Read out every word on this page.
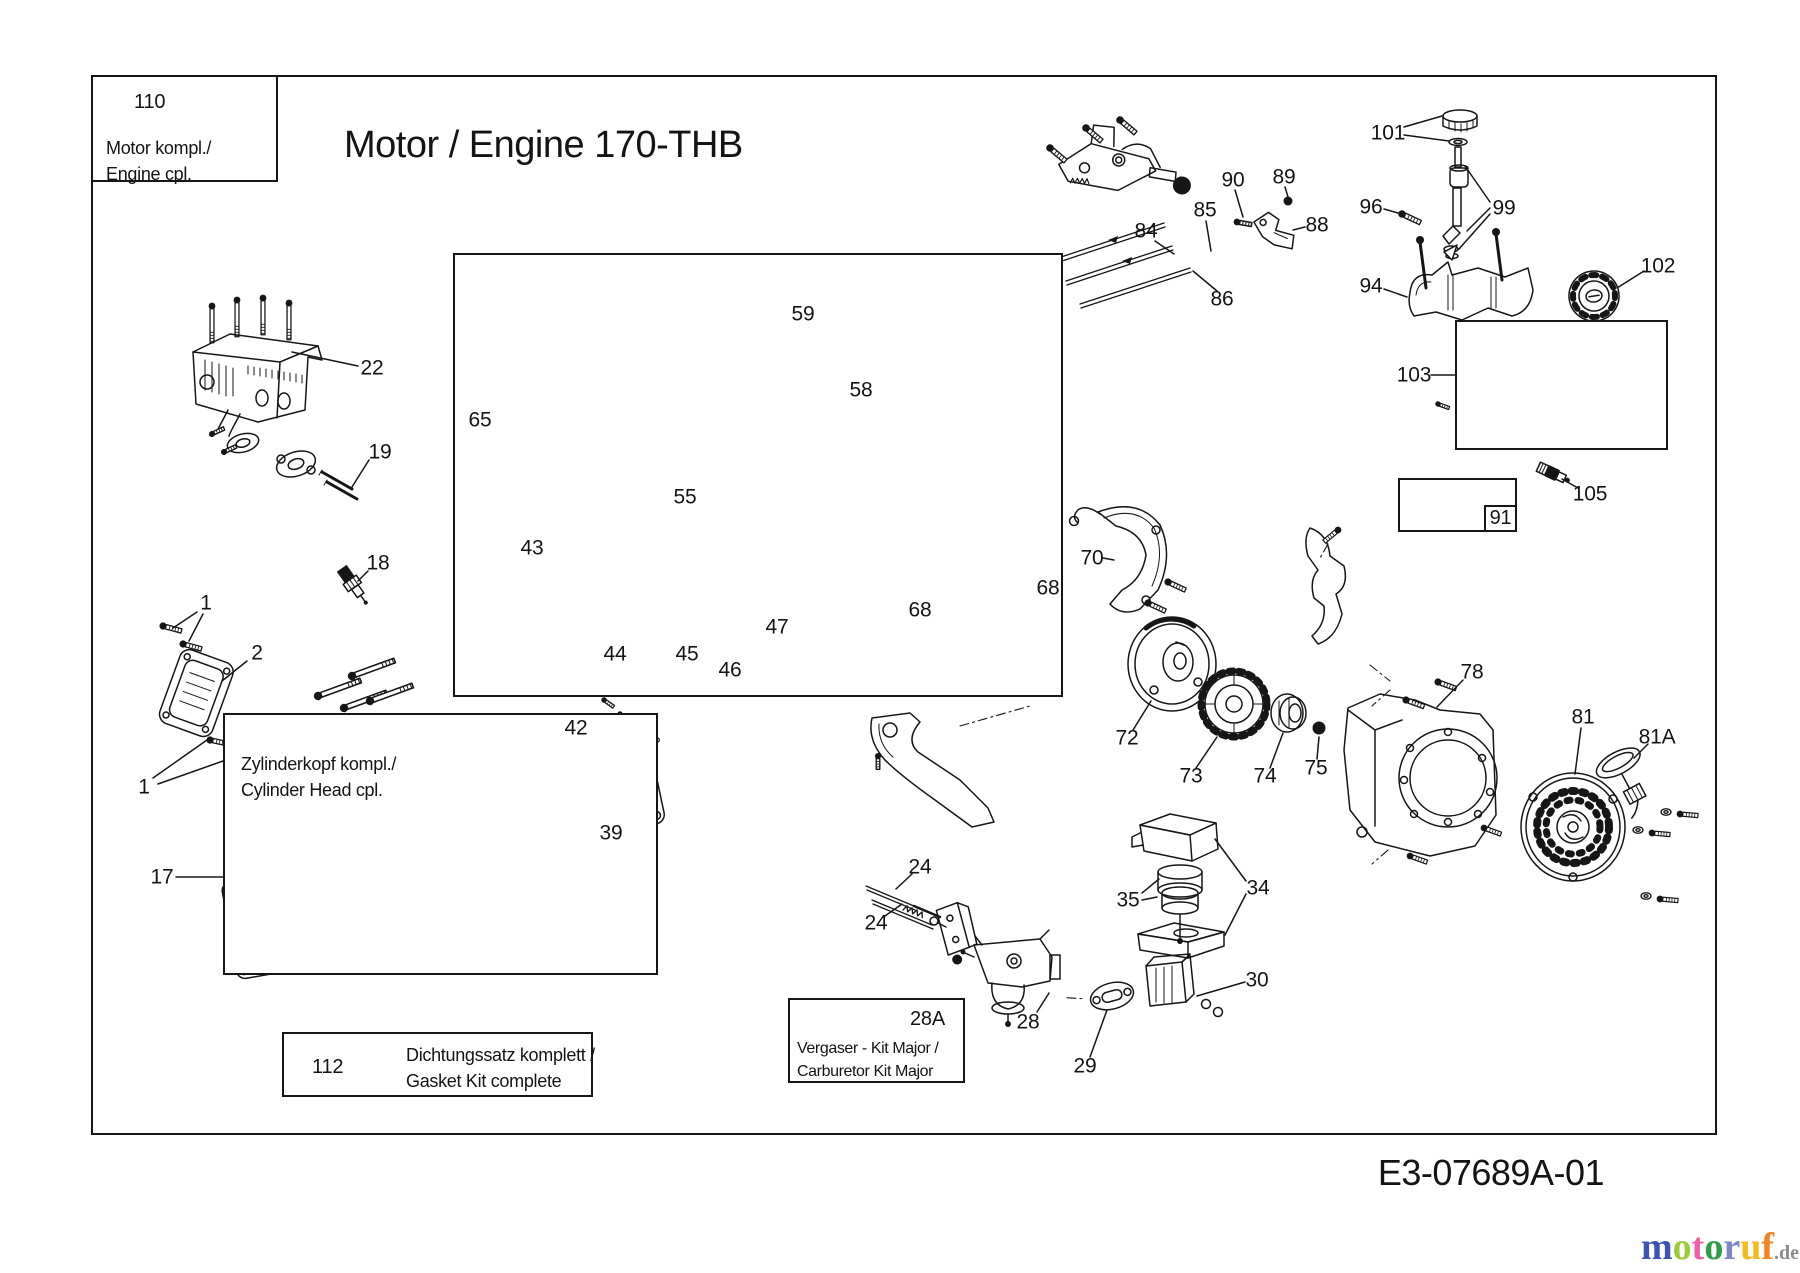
110
Motor kompl./
Engine cpl.
Zylinderkopf kompl./
Cylinder Head cpl.
112
Dichtungssatz komplett /
Gasket Kit complete
28A
Vergaser - Kit Major /
Carburetor Kit Major
91
Motor / Engine 170-THB
E3-07689A-01
motoruf.de
1
1
2
17
18
19
22
24
24
28
29
30
34
35
39
42
43
44 45
46
47
55
58
59
65
68
68
70
72
73 74 75
78
81
81A
84
85
86
88
89
90
94
96	99
101
102
103
105
